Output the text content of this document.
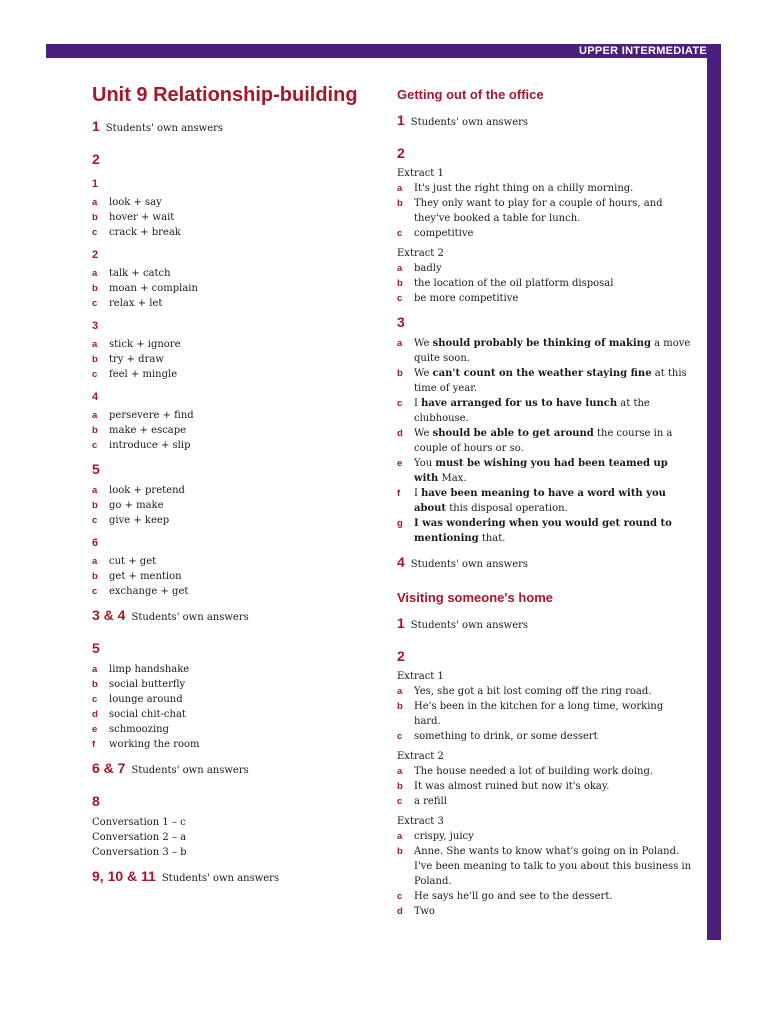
UPPER INTERMEDIATE
Unit 9 Relationship-building
1 Students' own answers
2
1
a	look + say
b	hover + wait
c	crack + break
2
a	talk + catch
b	moan + complain
c	relax + let
3
a	stick + ignore
b	try + draw
c	feel + mingle
4
a	persevere + find
b	make + escape
c	introduce + slip
5
a	look + pretend
b	go + make
c	give + keep
6
a	cut + get
b	get + mention
c	exchange + get
3 & 4 Students' own answers
5
a	limp handshake
b	social butterfly
c	lounge around
d	social chit-chat
e	schmoozing
f	working the room
6 & 7 Students' own answers
8
Conversation 1 – c
Conversation 2 – a
Conversation 3 – b
9, 10 & 11 Students' own answers
Getting out of the office
1 Students' own answers
2
Extract 1
a	It's just the right thing on a chilly morning.
b	They only want to play for a couple of hours, and they've booked a table for lunch.
c	competitive
Extract 2
a	badly
b	the location of the oil platform disposal
c	be more competitive
3
a	We should probably be thinking of making a move quite soon.
b	We can't count on the weather staying fine at this time of year.
c	I have arranged for us to have lunch at the clubhouse.
d	We should be able to get around the course in a couple of hours or so.
e	You must be wishing you had been teamed up with Max.
f	I have been meaning to have a word with you about this disposal operation.
g	I was wondering when you would get round to mentioning that.
4 Students' own answers
Visiting someone's home
1 Students' own answers
2
Extract 1
a	Yes, she got a bit lost coming off the ring road.
b	He's been in the kitchen for a long time, working hard.
c	something to drink, or some dessert
Extract 2
a	The house needed a lot of building work doing.
b	It was almost ruined but now it's okay.
c	a refill
Extract 3
a	crispy, juicy
b	Anne. She wants to know what's going on in Poland. I've been meaning to talk to you about this business in Poland.
c	He says he'll go and see to the dessert.
d	Two
